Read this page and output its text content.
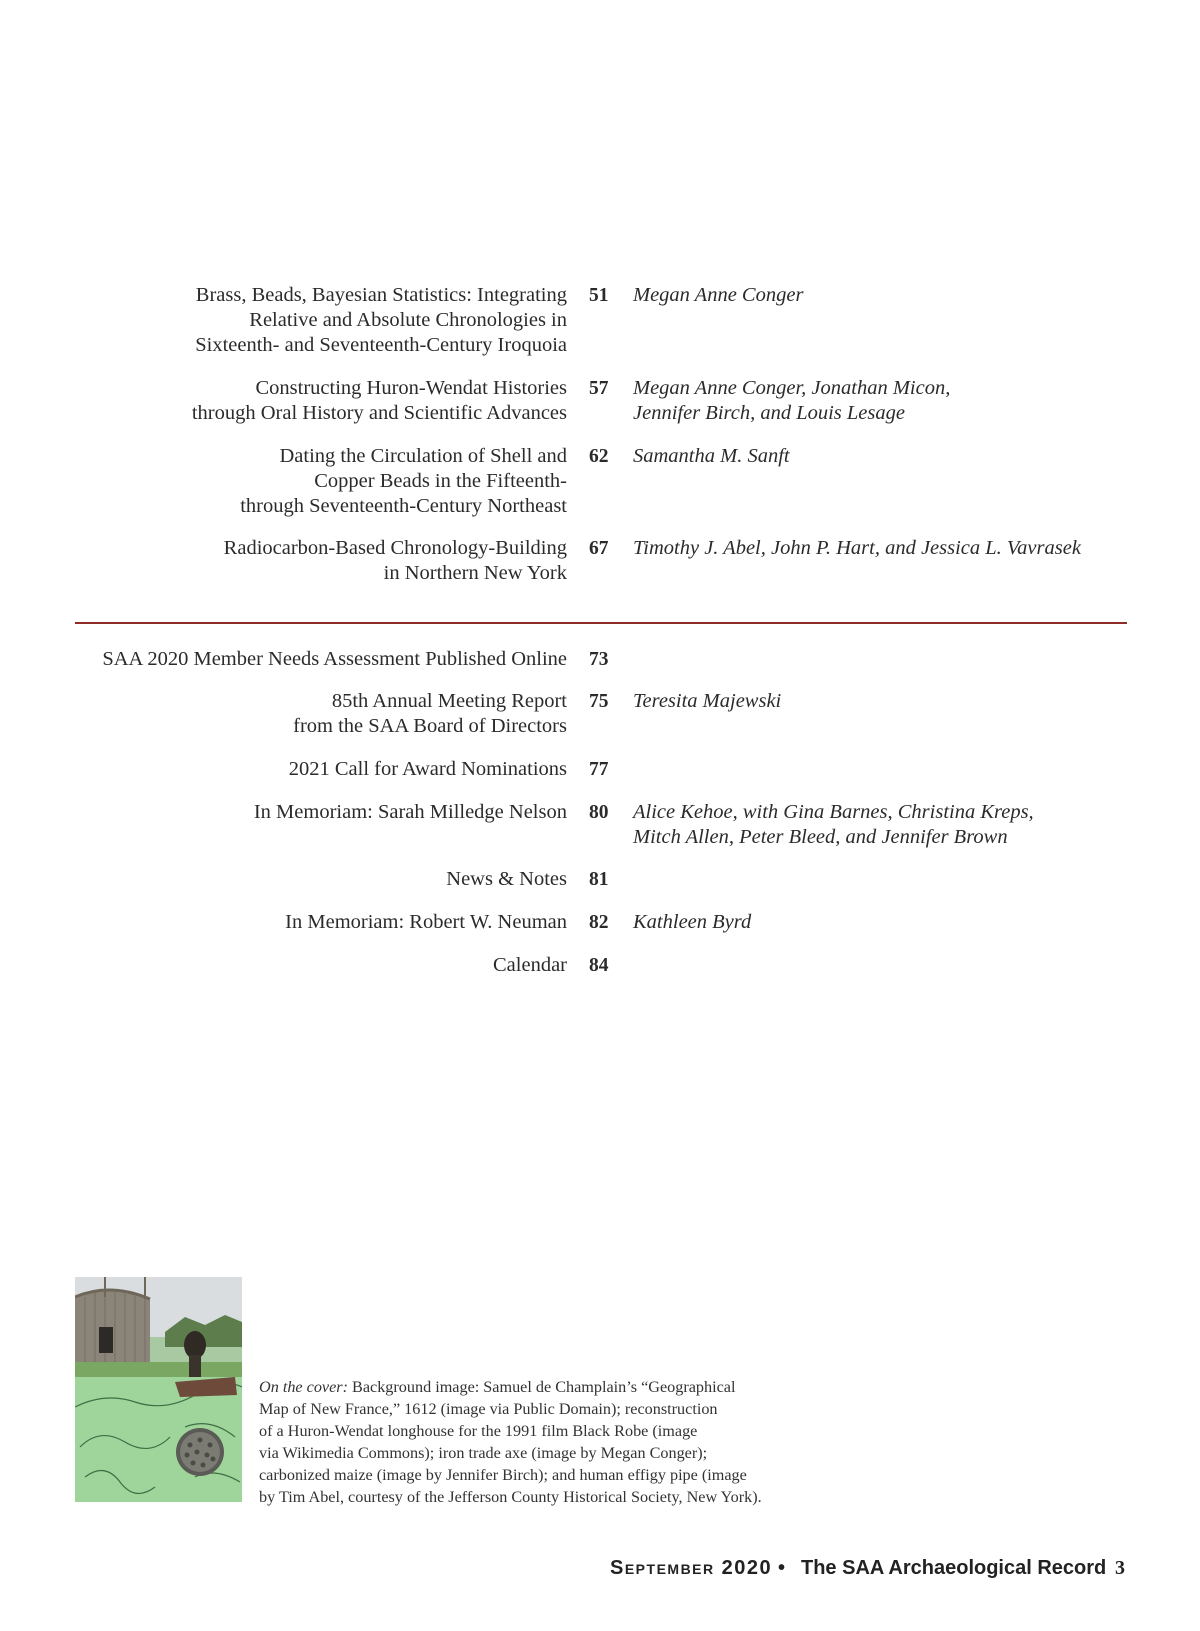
Brass, Beads, Bayesian Statistics: Integrating
Relative and Absolute Chronologies in
Sixteenth- and Seventeenth-Century Iroquoia
51	Megan Anne Conger
Constructing Huron-Wendat Histories
through Oral History and Scientific Advances
57	Megan Anne Conger, Jonathan Micon,
Jennifer Birch, and Louis Lesage
Dating the Circulation of Shell and
Copper Beads in the Fifteenth-
through Seventeenth-Century Northeast
62	Samantha M. Sanft
Radiocarbon-Based Chronology-Building
in Northern New York
67	Timothy J. Abel, John P. Hart, and Jessica L. Vavrasek
SAA 2020 Member Needs Assessment Published Online 73
85th Annual Meeting Report
from the SAA Board of Directors
75	Teresita Majewski
2021 Call for Award Nominations 77
In Memoriam: Sarah Milledge Nelson 80	Alice Kehoe, with Gina Barnes, Christina Kreps,
Mitch Allen, Peter Bleed, and Jennifer Brown
News & Notes 81
In Memoriam: Robert W. Neuman 82	Kathleen Byrd
Calendar 84
On the cover: Background image: Samuel de Champlain’s “Geographical
Map of New France,” 1612 (image via Public Domain); reconstruction
of a Huron-Wendat longhouse for the 1991 film Black Robe (image
via Wikimedia Commons); iron trade axe (image by Megan Conger);
carbonized maize (image by Jennifer Birch); and human effigy pipe (image
by Tim Abel, courtesy of the Jefferson County Historical Society, New York).
September 2020 • The SAA Archaeological Record 3
